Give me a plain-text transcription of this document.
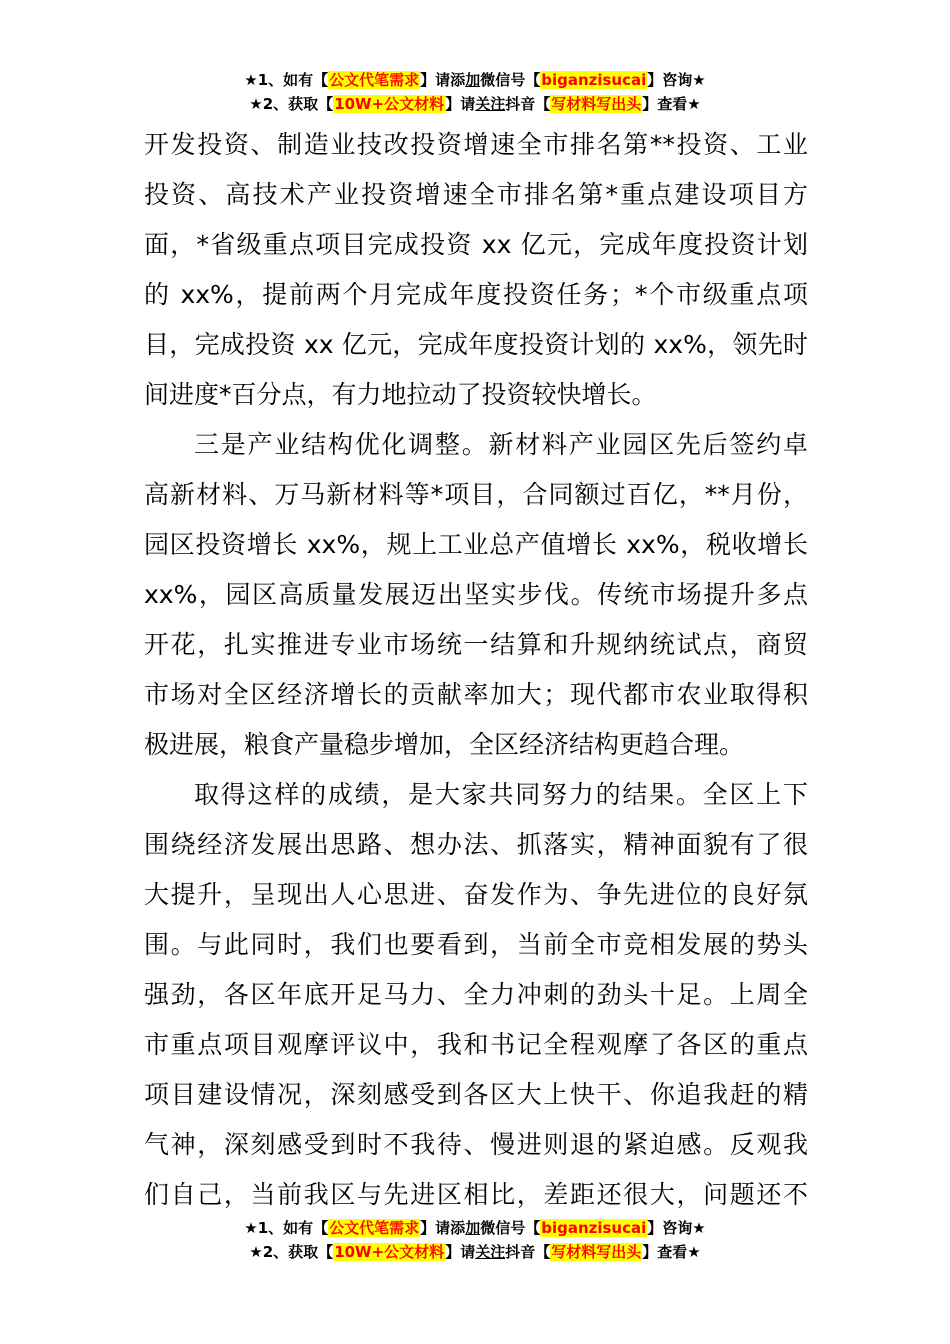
★1、如有【公文代笔需求】请添加微信号【biganzisucai】咨询★
★2、获取【10W+公文材料】请关注抖音【写材料写出头】查看★
开发投资、制造业技改投资增速全市排名第**投资、工业
投资、高技术产业投资增速全市排名第*重点建设项目方
面，*省级重点项目完成投资 xx 亿元，完成年度投资计划
的 xx%，提前两个月完成年度投资任务；*个市级重点项
目，完成投资 xx 亿元，完成年度投资计划的 xx%，领先时
间进度*百分点，有力地拉动了投资较快增长。
三是产业结构优化调整。新材料产业园区先后签约卓
高新材料、万马新材料等*项目，合同额过百亿，**月份，
园区投资增长 xx%，规上工业总产值增长 xx%，税收增长
xx%，园区高质量发展迈出坚实步伐。传统市场提升多点
开花，扎实推进专业市场统一结算和升规纳统试点，商贸
市场对全区经济增长的贡献率加大；现代都市农业取得积
极进展，粮食产量稳步增加，全区经济结构更趋合理。
取得这样的成绩，是大家共同努力的结果。全区上下
围绕经济发展出思路、想办法、抓落实，精神面貌有了很
大提升，呈现出人心思进、奋发作为、争先进位的良好氛
围。与此同时，我们也要看到，当前全市竞相发展的势头
强劲，各区年底开足马力、全力冲刺的劲头十足。上周全
市重点项目观摩评议中，我和书记全程观摩了各区的重点
项目建设情况，深刻感受到各区大上快干、你追我赶的精
气神，深刻感受到时不我待、慢进则退的紧迫感。反观我
们自己，当前我区与先进区相比，差距还很大，问题还不
★1、如有【公文代笔需求】请添加微信号【biganzisucai】咨询★
★2、获取【10W+公文材料】请关注抖音【写材料写出头】查看★
